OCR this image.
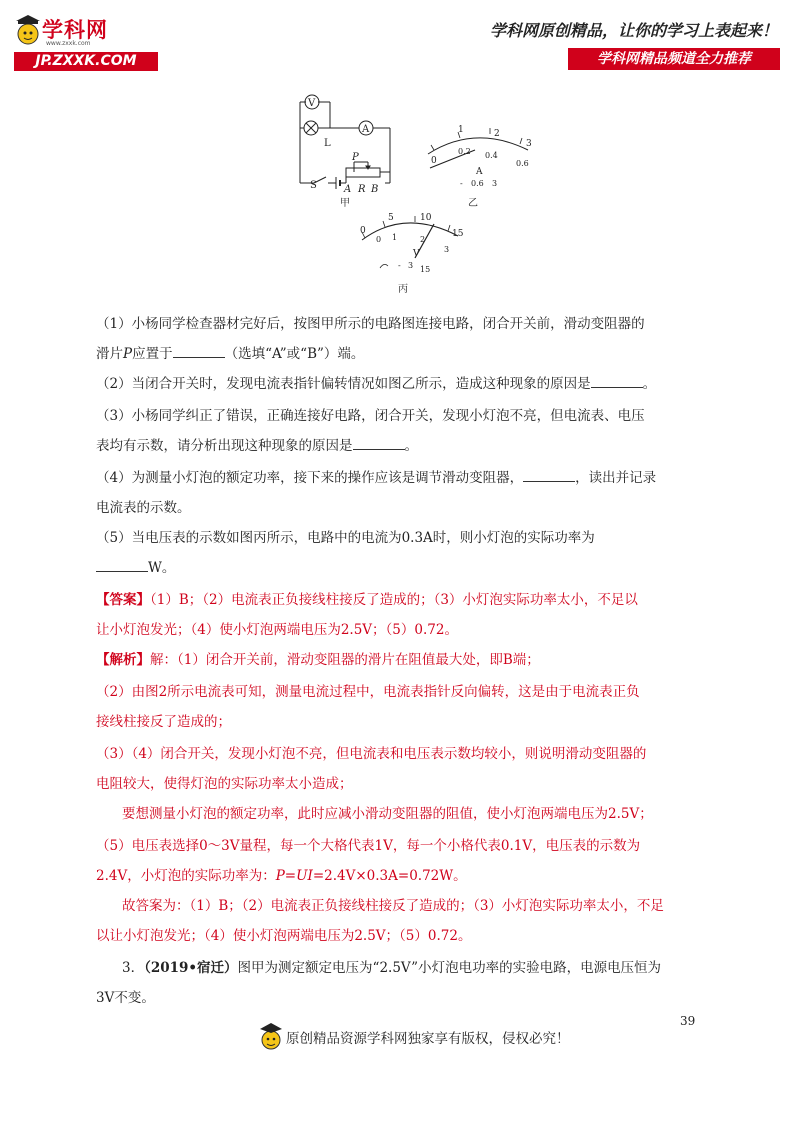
学科网
www.zxxk.com
JP.ZXXK.COM
学科网原创精品，让你的学习上表起来！
学科网精品频道全力推荐
V
A
L
P
S	A R B
甲
0
1	2
3
0.2 0.4
0.6
A
- 0.6 3
乙
5	10
15
0
0 1	2
3
V
- 3 15
丙

（1）小杨同学检查器材完好后，按图甲所示的电路图连接电路，闭合开关前，滑动变阻器的

滑片P应置于	（选填“A”或“B”）端。

（2）当闭合开关时，发现电流表指针偏转情况如图乙所示，造成这种现象的原因是	。

（3）小杨同学纠正了错误，正确连接好电路，闭合开关，发现小灯泡不亮，但电流表、电压

表均有示数，请分析出现这种现象的原因是	。

（4）为测量小灯泡的额定功率，接下来的操作应该是调节滑动变阻器，	，读出并记录

电流表的示数。

（5）当电压表的示数如图丙所示，电路中的电流为0.3A时，则小灯泡的实际功率为

W。

【答案】（1）B；（2）电流表正负接线柱接反了造成的；（3）小灯泡实际功率太小，不足以

让小灯泡发光；（4）使小灯泡两端电压为2.5V；（5）0.72。

【解析】解：（1）闭合开关前，滑动变阻器的滑片在阻值最大处，即B端；

（2）由图2所示电流表可知，测量电流过程中，电流表指针反向偏转，这是由于电流表正负

接线柱接反了造成的；

（3）（4）闭合开关，发现小灯泡不亮，但电流表和电压表示数均较小，则说明滑动变阻器的

电阻较大，使得灯泡的实际功率太小造成；

要想测量小灯泡的额定功率，此时应减小滑动变阻器的阻值，使小灯泡两端电压为2.5V；

（5）电压表选择0～3V量程，每一个大格代表1V，每一个小格代表0.1V，电压表的示数为

2.4V，小灯泡的实际功率为：P=UI=2.4V×0.3A=0.72W。

故答案为：（1）B；（2）电流表正负接线柱接反了造成的；（3）小灯泡实际功率太小，不足

以让小灯泡发光；（4）使小灯泡两端电压为2.5V；（5）0.72。

3．（2019•宿迁）图甲为测定额定电压为“2.5V”小灯泡电功率的实验电路，电源电压恒为

3V不变。

39
原创精品资源学科网独家享有版权，侵权必究！
